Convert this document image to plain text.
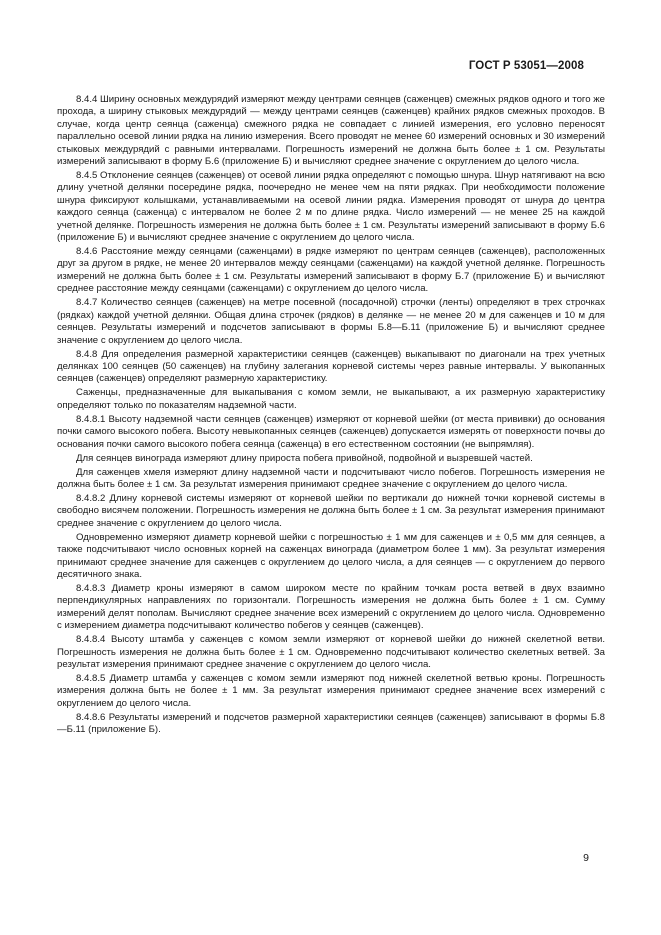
ГОСТ Р 53051—2008

8.4.4 Ширину основных междурядий измеряют между центрами сеянцев (саженцев) смежных рядков одного и того же прохода, а ширину стыковых междурядий — между центрами сеянцев (саженцев) крайних рядков смежных проходов. В случае, когда центр сеянца (саженца) смежного рядка не совпадает с линией измерения, его условно переносят параллельно осевой линии рядка на линию измерения. Всего проводят не менее 60 измерений основных и 30 измерений стыковых междурядий с равными интервалами. Погрешность измерений не должна быть более ± 1 см. Результаты измерений записывают в форму Б.6 (приложение Б) и вычисляют среднее значение с округлением до целого числа.

8.4.5 Отклонение сеянцев (саженцев) от осевой линии рядка определяют с помощью шнура. Шнур натягивают на всю длину учетной делянки посередине рядка, поочередно не менее чем на пяти рядках. При необходимости положение шнура фиксируют колышками, устанавливаемыми на осевой линии рядка. Измерения проводят от шнура до центра каждого сеянца (саженца) с интервалом не более 2 м по длине рядка. Число измерений — не менее 25 на каждой учетной делянке. Погрешность измерения не должна быть более ± 1 см. Результаты измерений записывают в форму Б.6 (приложение Б) и вычисляют среднее значение с округлением до целого числа.

8.4.6 Расстояние между сеянцами (саженцами) в рядке измеряют по центрам сеянцев (саженцев), расположенных друг за другом в рядке, не менее 20 интервалов между сеянцами (саженцами) на каждой учетной делянке. Погрешность измерений не должна быть более ± 1 см. Результаты измерений записывают в форму Б.7 (приложение Б) и вычисляют среднее расстояние между сеянцами (саженцами) с округлением до целого числа.

8.4.7 Количество сеянцев (саженцев) на метре посевной (посадочной) строчки (ленты) определяют в трех строчках (рядках) каждой учетной делянки. Общая длина строчек (рядков) в делянке — не менее 20 м для саженцев и 10 м для сеянцев. Результаты измерений и подсчетов записывают в формы Б.8—Б.11 (приложение Б) и вычисляют среднее значение с округлением до целого числа.

8.4.8 Для определения размерной характеристики сеянцев (саженцев) выкапывают по диагонали на трех учетных делянках 100 сеянцев (50 саженцев) на глубину залегания корневой системы через равные интервалы. У выкопанных сеянцев (саженцев) определяют размерную характеристику.

Саженцы, предназначенные для выкапывания с комом земли, не выкапывают, а их размерную характеристику определяют только по показателям надземной части.

8.4.8.1 Высоту надземной части сеянцев (саженцев) измеряют от корневой шейки (от места прививки) до основания почки самого высокого побега. Высоту невыкопанных сеянцев (саженцев) допускается измерять от поверхности почвы до основания почки самого высокого побега сеянца (саженца) в его естественном состоянии (не выпрямляя).

Для сеянцев винограда измеряют длину прироста побега привойной, подвойной и вызревшей частей.

Для саженцев хмеля измеряют длину надземной части и подсчитывают число побегов. Погрешность измерения не должна быть более ± 1 см. За результат измерения принимают среднее значение с округлением до целого числа.

8.4.8.2 Длину корневой системы измеряют от корневой шейки по вертикали до нижней точки корневой системы в свободно висячем положении. Погрешность измерения не должна быть более ± 1 см. За результат измерения принимают среднее значение с округлением до целого числа.

Одновременно измеряют диаметр корневой шейки с погрешностью ± 1 мм для саженцев и ± 0,5 мм для сеянцев, а также подсчитывают число основных корней на саженцах винограда (диаметром более 1 мм). За результат измерения принимают среднее значение для саженцев с округлением до целого числа, а для сеянцев — с округлением до первого десятичного знака.

8.4.8.3 Диаметр кроны измеряют в самом широком месте по крайним точкам роста ветвей в двух взаимно перпендикулярных направлениях по горизонтали. Погрешность измерения не должна быть более ± 1 см. Сумму измерений делят пополам. Вычисляют среднее значение всех измерений с округлением до целого числа. Одновременно с измерением диаметра подсчитывают количество побегов у сеянцев (саженцев).

8.4.8.4 Высоту штамба у саженцев с комом земли измеряют от корневой шейки до нижней скелетной ветви. Погрешность измерения не должна быть более ± 1 см. Одновременно подсчитывают количество скелетных ветвей. За результат измерения принимают среднее значение с округлением до целого числа.

8.4.8.5 Диаметр штамба у саженцев с комом земли измеряют под нижней скелетной ветвью кроны. Погрешность измерения должна быть не более ± 1 мм. За результат измерения принимают среднее значение всех измерений с округлением до целого числа.

8.4.8.6 Результаты измерений и подсчетов размерной характеристики сеянцев (саженцев) записывают в формы Б.8—Б.11 (приложение Б).

9
